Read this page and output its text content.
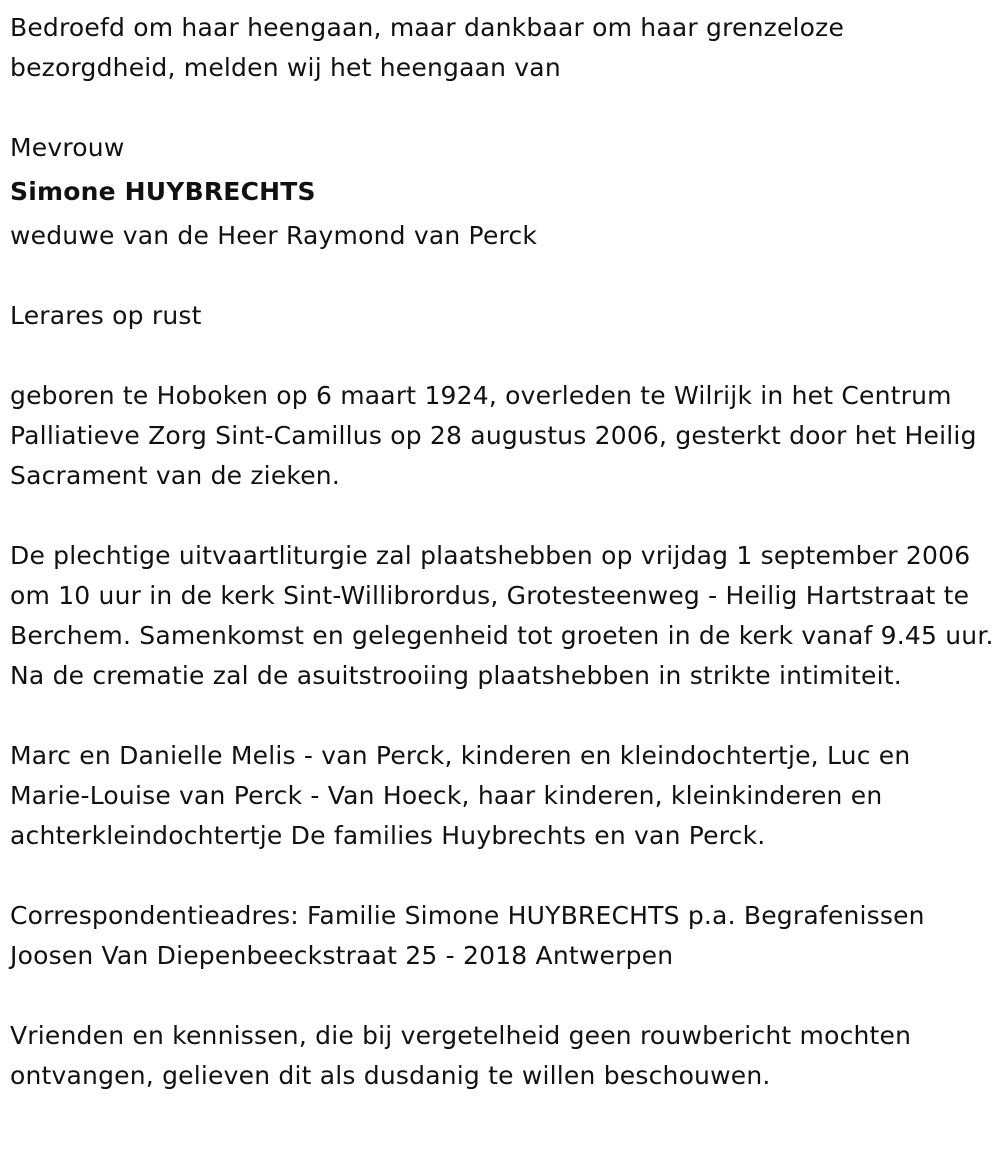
Bedroefd om haar heengaan, maar dankbaar om haar grenzeloze bezorgdheid, melden wij het heengaan van

Mevrouw

Simone HUYBRECHTS

weduwe van de Heer Raymond van Perck

Lerares op rust

geboren te Hoboken op 6 maart 1924, overleden te Wilrijk in het Centrum Palliatieve Zorg Sint-Camillus op 28 augustus 2006, gesterkt door het Heilig Sacrament van de zieken.

De plechtige uitvaartliturgie zal plaatshebben op vrijdag 1 september 2006 om 10 uur in de kerk Sint-Willibrordus, Grotesteenweg - Heilig Hartstraat te Berchem. Samenkomst en gelegenheid tot groeten in de kerk vanaf 9.45 uur. Na de crematie zal de asuitstrooiing plaatshebben in strikte intimiteit.

Marc en Danielle Melis - van Perck, kinderen en kleindochtertje, Luc en Marie-Louise van Perck - Van Hoeck, haar kinderen, kleinkinderen en achterkleindochtertje De families Huybrechts en van Perck.

Correspondentieadres: Familie Simone HUYBRECHTS p.a. Begrafenissen Joosen Van Diepenbeeckstraat 25 - 2018 Antwerpen

Vrienden en kennissen, die bij vergetelheid geen rouwbericht mochten ontvangen, gelieven dit als dusdanig te willen beschouwen.
